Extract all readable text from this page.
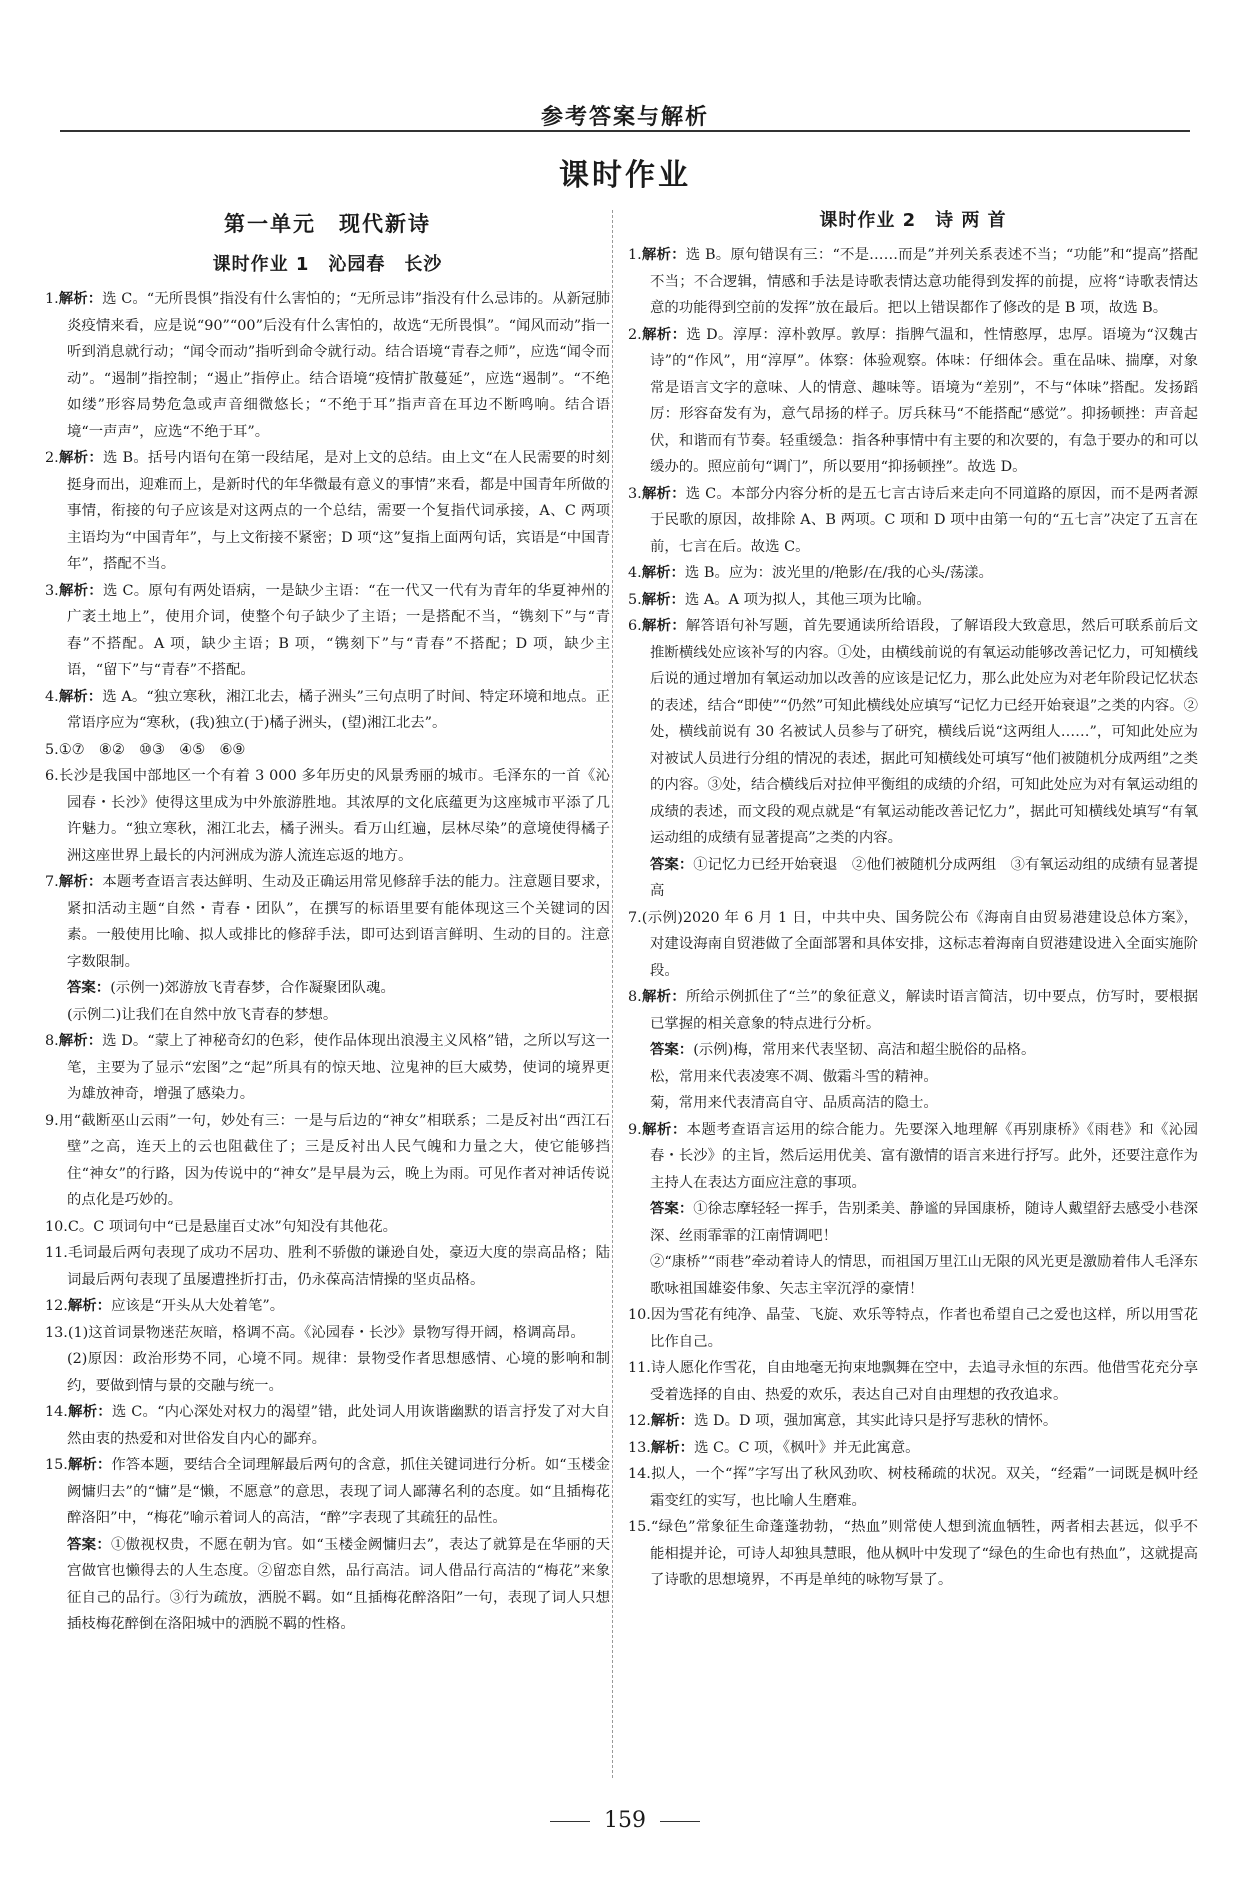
参考答案与解析
课时作业
第一单元　现代新诗
课时作业 1　沁园春　长沙

1.解析：选 C。“无所畏惧”指没有什么害怕的；“无所忌讳”指没有什么忌讳的。从新冠肺炎疫情来看，应是说“90”“00”后没有什么害怕的，故选“无所畏惧”。“闻风而动”指一听到消息就行动；“闻令而动”指听到命令就行动。结合语境“青春之师”，应选“闻令而动”。“遏制”指控制；“遏止”指停止。结合语境“疫情扩散蔓延”，应选“遏制”。“不绝如缕”形容局势危急或声音细微悠长；“不绝于耳”指声音在耳边不断鸣响。结合语境“一声声”，应选“不绝于耳”。

2.解析：选 B。括号内语句在第一段结尾，是对上文的总结。由上文“在人民需要的时刻挺身而出，迎难而上，是新时代的年华微最有意义的事情”来看，都是中国青年所做的事情，衔接的句子应该是对这两点的一个总结，需要一个复指代词承接，A、C 两项主语均为“中国青年”，与上文衔接不紧密；D 项“这”复指上面两句话，宾语是“中国青年”，搭配不当。

3.解析：选 C。原句有两处语病，一是缺少主语：“在一代又一代有为青年的华夏神州的广袤土地上”，使用介词，使整个句子缺少了主语；一是搭配不当，“镌刻下”与“青春”不搭配。A 项，缺少主语；B 项，“镌刻下”与“青春”不搭配；D 项，缺少主语，“留下”与“青春”不搭配。

4.解析：选 A。“独立寒秋，湘江北去，橘子洲头”三句点明了时间、特定环境和地点。正常语序应为“寒秋，(我)独立(于)橘子洲头，(望)湘江北去”。

5.①⑦　⑧②　⑩③　④⑤　⑥⑨

6.长沙是我国中部地区一个有着 3 000 多年历史的风景秀丽的城市。毛泽东的一首《沁园春・长沙》使得这里成为中外旅游胜地。其浓厚的文化底蕴更为这座城市平添了几许魅力。“独立寒秋，湘江北去，橘子洲头。看万山红遍，层林尽染”的意境使得橘子洲这座世界上最长的内河洲成为游人流连忘返的地方。

7.解析：本题考查语言表达鲜明、生动及正确运用常见修辞手法的能力。注意题目要求，紧扣活动主题“自然・青春・团队”，在撰写的标语里要有能体现这三个关键词的因素。一般使用比喻、拟人或排比的修辞手法，即可达到语言鲜明、生动的目的。注意字数限制。

答案：(示例一)郊游放飞青春梦，合作凝聚团队魂。

(示例二)让我们在自然中放飞青春的梦想。

8.解析：选 D。“蒙上了神秘奇幻的色彩，使作品体现出浪漫主义风格”错，之所以写这一笔，主要为了显示“宏图”之“起”所具有的惊天地、泣鬼神的巨大威势，使词的境界更为雄放神奇，增强了感染力。

9.用“截断巫山云雨”一句，妙处有三：一是与后边的“神女”相联系；二是反衬出“西江石壁”之高，连天上的云也阻截住了；三是反衬出人民气魄和力量之大，使它能够挡住“神女”的行路，因为传说中的“神女”是早晨为云，晚上为雨。可见作者对神话传说的点化是巧妙的。

10.C。C 项词句中“已是悬崖百丈冰”句知没有其他花。

11.毛词最后两句表现了成功不居功、胜利不骄傲的谦逊自处，豪迈大度的崇高品格；陆词最后两句表现了虽屡遭挫折打击，仍永葆高洁情操的坚贞品格。

12.解析：应该是“开头从大处着笔”。

13.(1)这首词景物迷茫灰暗，格调不高。《沁园春・长沙》景物写得开阔，格调高昂。

(2)原因：政治形势不同，心境不同。规律：景物受作者思想感情、心境的影响和制约，要做到情与景的交融与统一。

14.解析：选 C。“内心深处对权力的渴望”错，此处词人用诙谐幽默的语言抒发了对大自然由衷的热爱和对世俗发自内心的鄙弃。

15.解析：作答本题，要结合全词理解最后两句的含意，抓住关键词进行分析。如“玉楼金阙慵归去”的“慵”是“懒，不愿意”的意思，表现了词人鄙薄名利的态度。如“且插梅花醉洛阳”中，“梅花”喻示着词人的高洁，“醉”字表现了其疏狂的品性。

答案：①傲视权贵，不愿在朝为官。如“玉楼金阙慵归去”，表达了就算是在华丽的天宫做官也懒得去的人生态度。②留恋自然，品行高洁。词人借品行高洁的“梅花”来象征自己的品行。③行为疏放，洒脱不羁。如“且插梅花醉洛阳”一句，表现了词人只想插枝梅花醉倒在洛阳城中的洒脱不羁的性格。

课时作业 2　诗 两 首

1.解析：选 B。原句错误有三：“不是……而是”并列关系表述不当；“功能”和“提高”搭配不当；不合逻辑，情感和手法是诗歌表情达意功能得到发挥的前提，应将“诗歌表情达意的功能得到空前的发挥”放在最后。把以上错误都作了修改的是 B 项，故选 B。

2.解析：选 D。淳厚：淳朴敦厚。敦厚：指脾气温和，性情憨厚，忠厚。语境为“汉魏古诗”的“作风”，用“淳厚”。体察：体验观察。体味：仔细体会。重在品味、揣摩，对象常是语言文字的意味、人的情意、趣味等。语境为“差别”，不与“体味”搭配。发扬蹈厉：形容奋发有为，意气昂扬的样子。厉兵秣马“不能搭配“感觉”。抑扬顿挫：声音起伏，和谐而有节奏。轻重缓急：指各种事情中有主要的和次要的，有急于要办的和可以缓办的。照应前句“调门”，所以要用“抑扬顿挫”。故选 D。

3.解析：选 C。本部分内容分析的是五七言古诗后来走向不同道路的原因，而不是两者源于民歌的原因，故排除 A、B 两项。C 项和 D 项中由第一句的“五七言”决定了五言在前，七言在后。故选 C。

4.解析：选 B。应为：波光里的/艳影/在/我的心头/荡漾。

5.解析：选 A。A 项为拟人，其他三项为比喻。

6.解析：解答语句补写题，首先要通读所给语段，了解语段大致意思，然后可联系前后文推断横线处应该补写的内容。①处，由横线前说的有氧运动能够改善记忆力，可知横线后说的通过增加有氧运动加以改善的应该是记忆力，那么此处应为对老年阶段记忆状态的表述，结合“即使”“仍然”可知此横线处应填写“记忆力已经开始衰退”之类的内容。②处，横线前说有 30 名被试人员参与了研究，横线后说“这两组人……”，可知此处应为对被试人员进行分组的情况的表述，据此可知横线处可填写“他们被随机分成两组”之类的内容。③处，结合横线后对拉伸平衡组的成绩的介绍，可知此处应为对有氧运动组的成绩的表述，而文段的观点就是“有氧运动能改善记忆力”，据此可知横线处填写“有氧运动组的成绩有显著提高”之类的内容。

答案：①记忆力已经开始衰退　②他们被随机分成两组　③有氧运动组的成绩有显著提高

7.(示例)2020 年 6 月 1 日，中共中央、国务院公布《海南自由贸易港建设总体方案》，对建设海南自贸港做了全面部署和具体安排，这标志着海南自贸港建设进入全面实施阶段。

8.解析：所给示例抓住了“兰”的象征意义，解读时语言简洁，切中要点，仿写时，要根据已掌握的相关意象的特点进行分析。

答案：(示例)梅，常用来代表坚韧、高洁和超尘脱俗的品格。

松，常用来代表凌寒不凋、傲霜斗雪的精神。

菊，常用来代表清高自守、品质高洁的隐士。

9.解析：本题考查语言运用的综合能力。先要深入地理解《再别康桥》《雨巷》和《沁园春・长沙》的主旨，然后运用优美、富有激情的语言来进行抒写。此外，还要注意作为主持人在表达方面应注意的事项。

答案：①徐志摩轻轻一挥手，告别柔美、静谧的异国康桥，随诗人戴望舒去感受小巷深深、丝雨霏霏的江南情调吧！

②“康桥”“雨巷”牵动着诗人的情思，而祖国万里江山无限的风光更是激励着伟人毛泽东歌咏祖国雄姿伟象、矢志主宰沉浮的豪情！

10.因为雪花有纯净、晶莹、飞旋、欢乐等特点，作者也希望自己之爱也这样，所以用雪花比作自己。

11.诗人愿化作雪花，自由地毫无拘束地飘舞在空中，去追寻永恒的东西。他借雪花充分享受着选择的自由、热爱的欢乐，表达自己对自由理想的孜孜追求。

12.解析：选 D。D 项，强加寓意，其实此诗只是抒写悲秋的情怀。

13.解析：选 C。C 项，《枫叶》并无此寓意。

14.拟人，一个“挥”字写出了秋风劲吹、树枝稀疏的状况。双关，“经霜”一词既是枫叶经霜变红的实写，也比喻人生磨难。

15.“绿色”常象征生命蓬蓬勃勃，“热血”则常使人想到流血牺牲，两者相去甚远，似乎不能相提并论，可诗人却独具慧眼，他从枫叶中发现了“绿色的生命也有热血”，这就提高了诗歌的思想境界，不再是单纯的咏物写景了。

159
